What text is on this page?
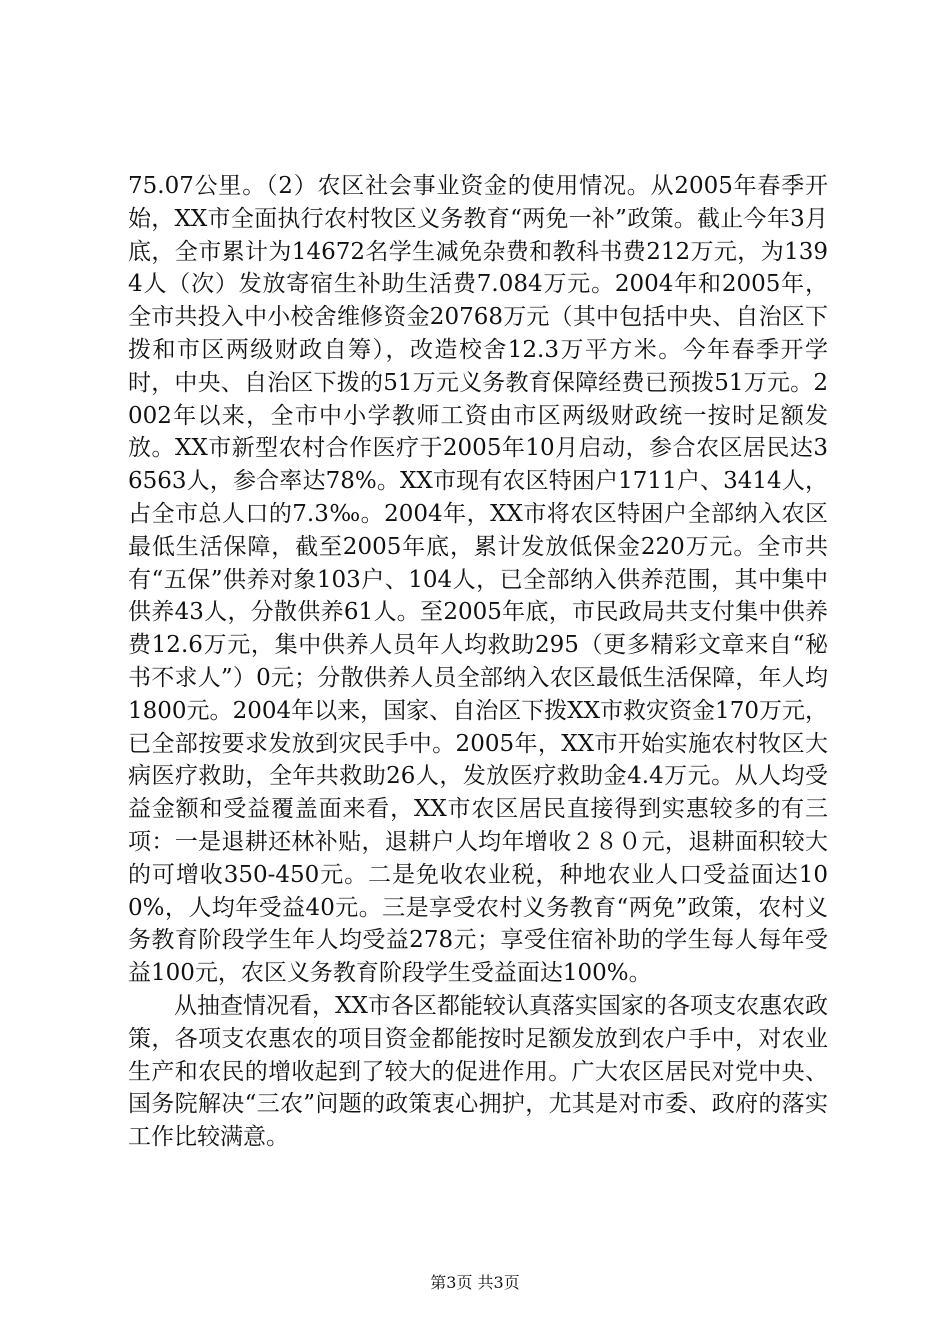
75.07公里。（2）农区社会事业资金的使用情况。从2005年春季开始，XX市全面执行农村牧区义务教育“两免一补”政策。截止今年3月底，全市累计为14672名学生减免杂费和教科书费212万元，为1394人（次）发放寄宿生补助生活费7.084万元。2004年和2005年，全市共投入中小校舍维修资金20768万元（其中包括中央、自治区下拨和市区两级财政自筹），改造校舍12.3万平方米。今年春季开学时，中央、自治区下拨的51万元义务教育保障经费已预拨51万元。2002年以来，全市中小学教师工资由市区两级财政统一按时足额发放。XX市新型农村合作医疗于2005年10月启动，参合农区居民达36563人，参合率达78%。XX市现有农区特困户1711户、3414人，占全市总人口的7.3‰。2004年，XX市将农区特困户全部纳入农区最低生活保障，截至2005年底，累计发放低保金220万元。全市共有“五保”供养对象103户、104人，已全部纳入供养范围，其中集中供养43人，分散供养61人。至2005年底，市民政局共支付集中供养费12.6万元，集中供养人员年人均救助295（更多精彩文章来自“秘书不求人”）0元；分散供养人员全部纳入农区最低生活保障，年人均1800元。2004年以来，国家、自治区下拨XX市救灾资金170万元，已全部按要求发放到灾民手中。2005年，XX市开始实施农村牧区大病医疗救助，全年共救助26人，发放医疗救助金4.4万元。从人均受益金额和受益覆盖面来看，XX市农区居民直接得到实惠较多的有三项：一是退耕还林补贴，退耕户人均年增收２８０元，退耕面积较大的可增收350-450元。二是免收农业税，种地农业人口受益面达100%，人均年受益40元。三是享受农村义务教育“两免”政策，农村义务教育阶段学生年人均受益278元；享受住宿补助的学生每人每年受益100元，农区义务教育阶段学生受益面达100%。

从抽查情况看，XX市各区都能较认真落实国家的各项支农惠农政策，各项支农惠农的项目资金都能按时足额发放到农户手中，对农业生产和农民的增收起到了较大的促进作用。广大农区居民对党中央、国务院解决“三农”问题的政策衷心拥护，尤其是对市委、政府的落实工作比较满意。

第3页 共3页
